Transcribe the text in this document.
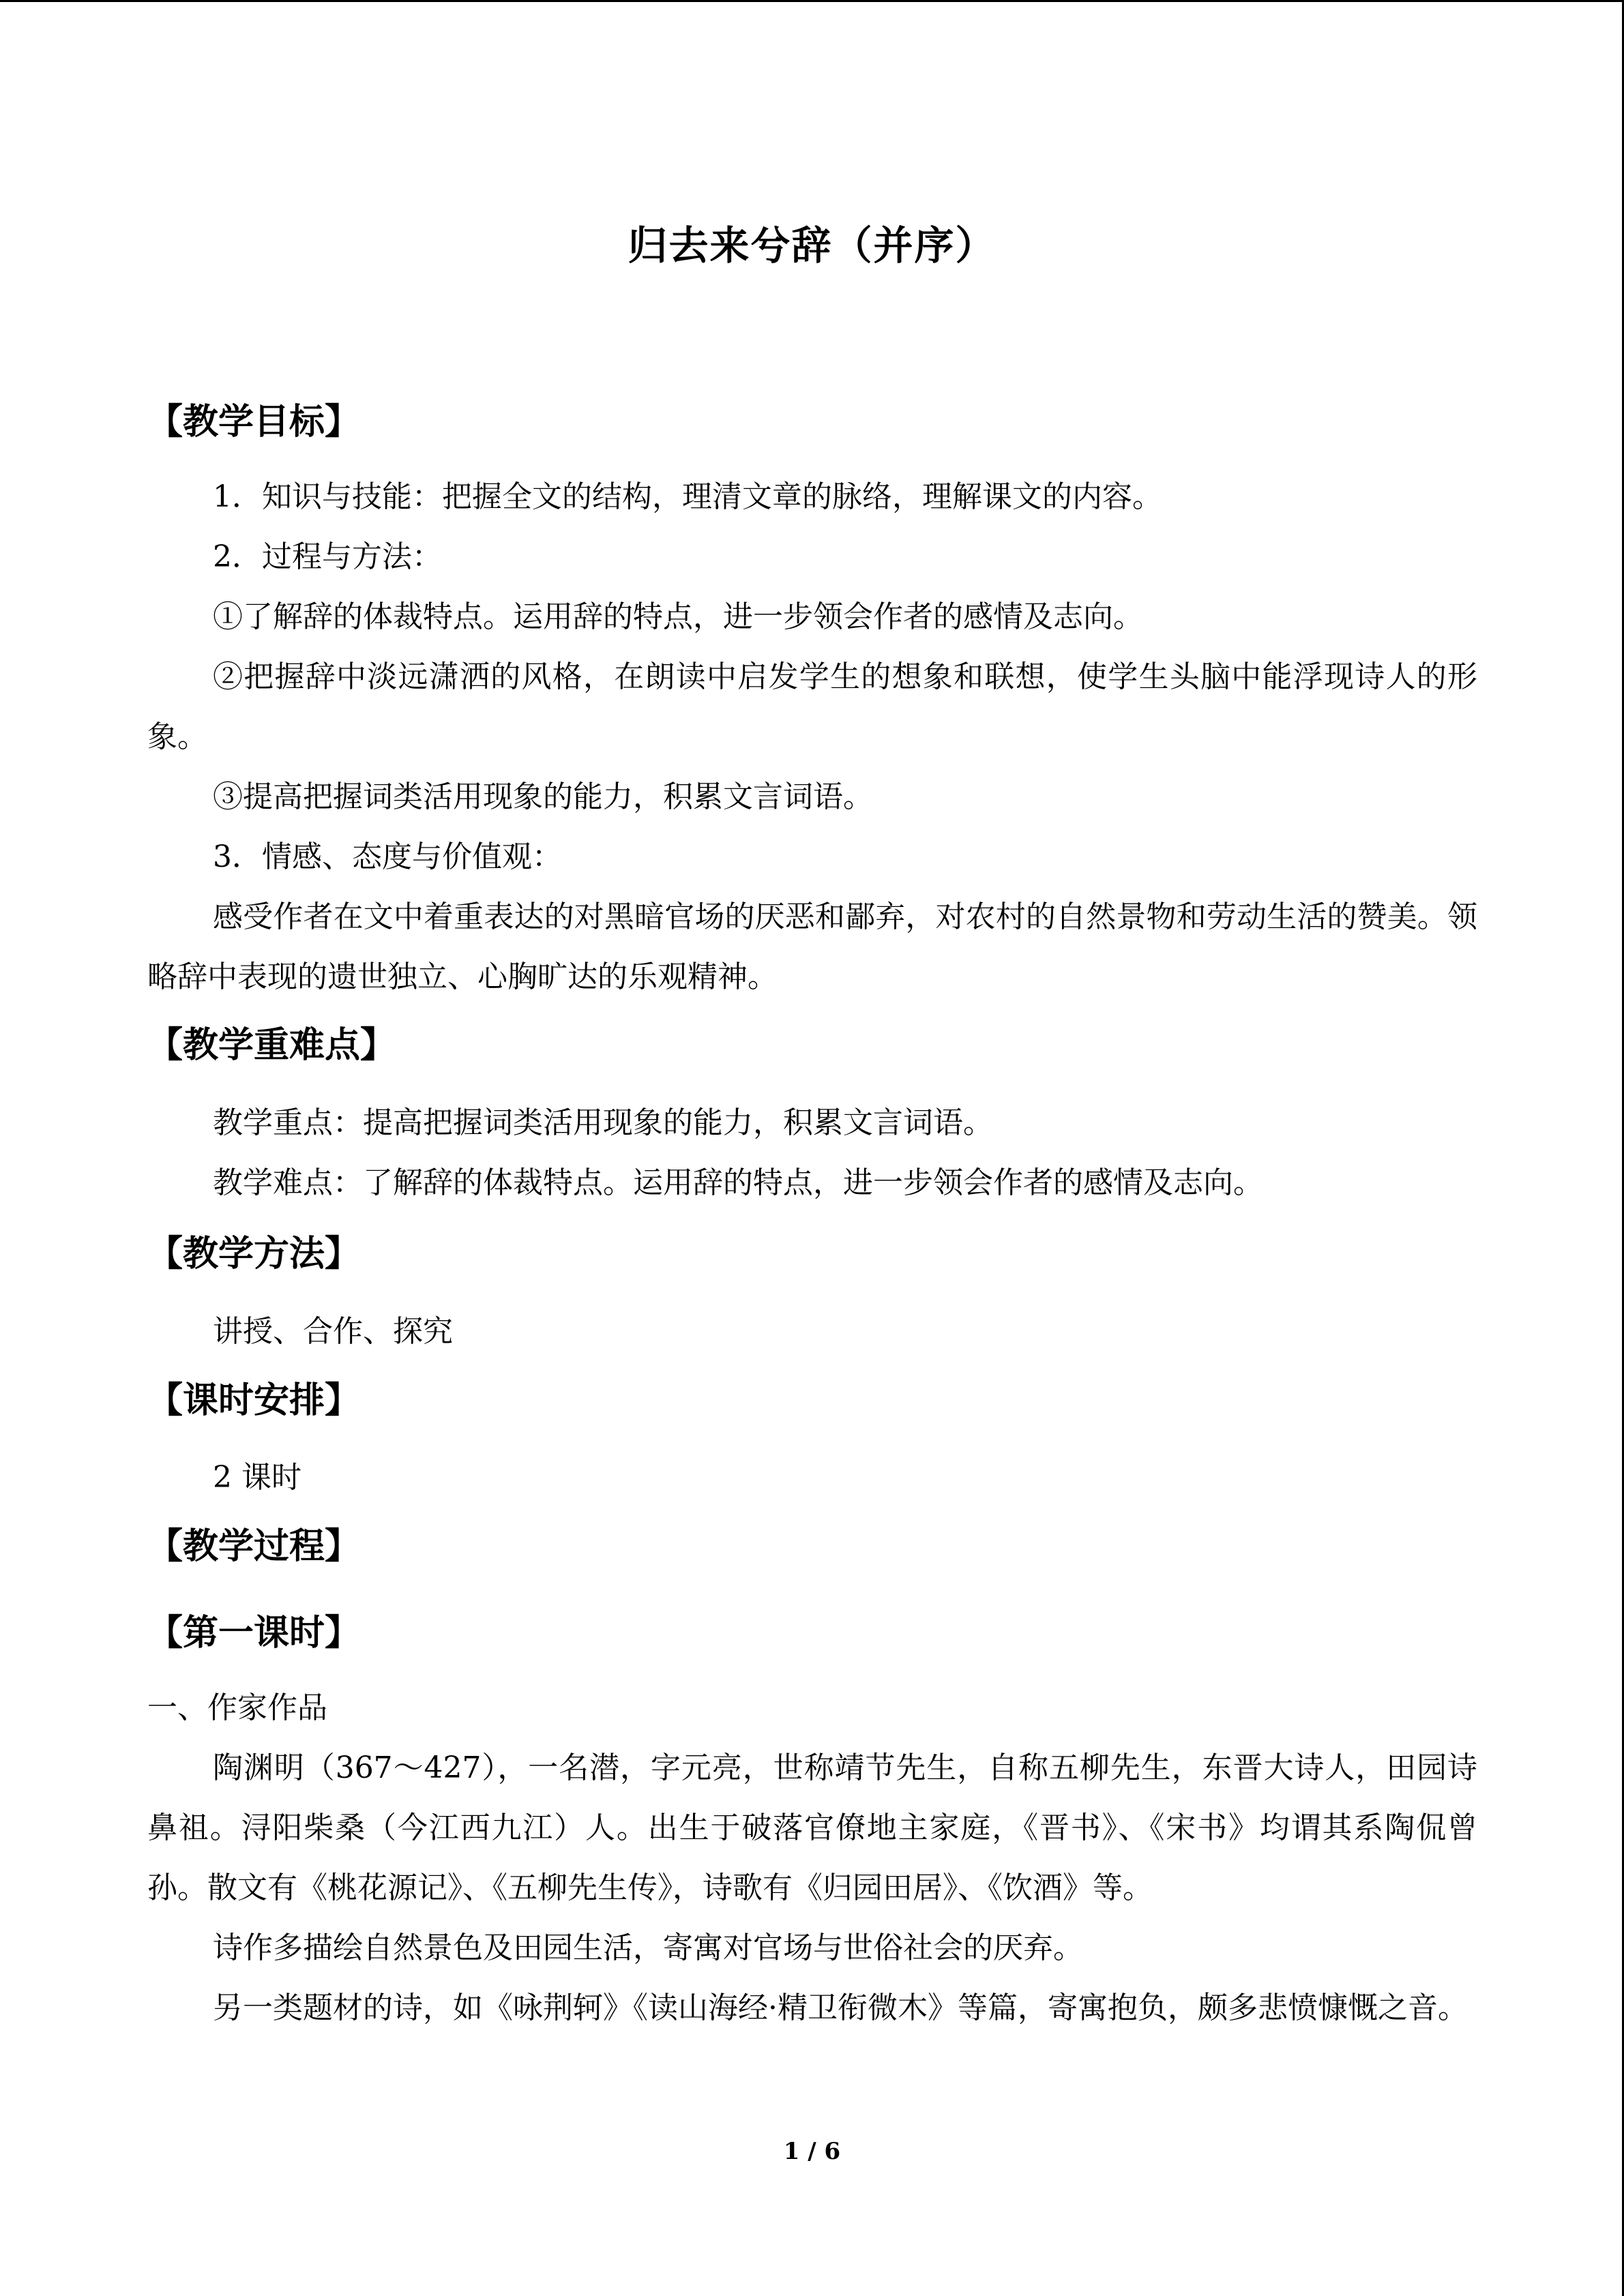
归去来兮辞（并序）
【教学目标】
1．知识与技能：把握全文的结构，理清文章的脉络，理解课文的内容。
2．过程与方法：
①了解辞的体裁特点。运用辞的特点，进一步领会作者的感情及志向。
②把握辞中淡远潇洒的风格，在朗读中启发学生的想象和联想，使学生头脑中能浮现诗人的形象。
③提高把握词类活用现象的能力，积累文言词语。
3．情感、态度与价值观：
感受作者在文中着重表达的对黑暗官场的厌恶和鄙弃，对农村的自然景物和劳动生活的赞美。领略辞中表现的遗世独立、心胸旷达的乐观精神。
【教学重难点】
教学重点：提高把握词类活用现象的能力，积累文言词语。
教学难点：了解辞的体裁特点。运用辞的特点，进一步领会作者的感情及志向。
【教学方法】
讲授、合作、探究
【课时安排】
2 课时
【教学过程】
【第一课时】
一、作家作品
陶渊明（367～427），一名潜，字元亮，世称靖节先生，自称五柳先生，东晋大诗人，田园诗鼻祖。浔阳柴桑（今江西九江）人。出生于破落官僚地主家庭，《晋书》、《宋书》均谓其系陶侃曾孙。散文有《桃花源记》、《五柳先生传》，诗歌有《归园田居》、《饮酒》等。
诗作多描绘自然景色及田园生活，寄寓对官场与世俗社会的厌弃。
另一类题材的诗，如《咏荆轲》《读山海经·精卫衔微木》等篇，寄寓抱负，颇多悲愤慷慨之音。
1 / 6
